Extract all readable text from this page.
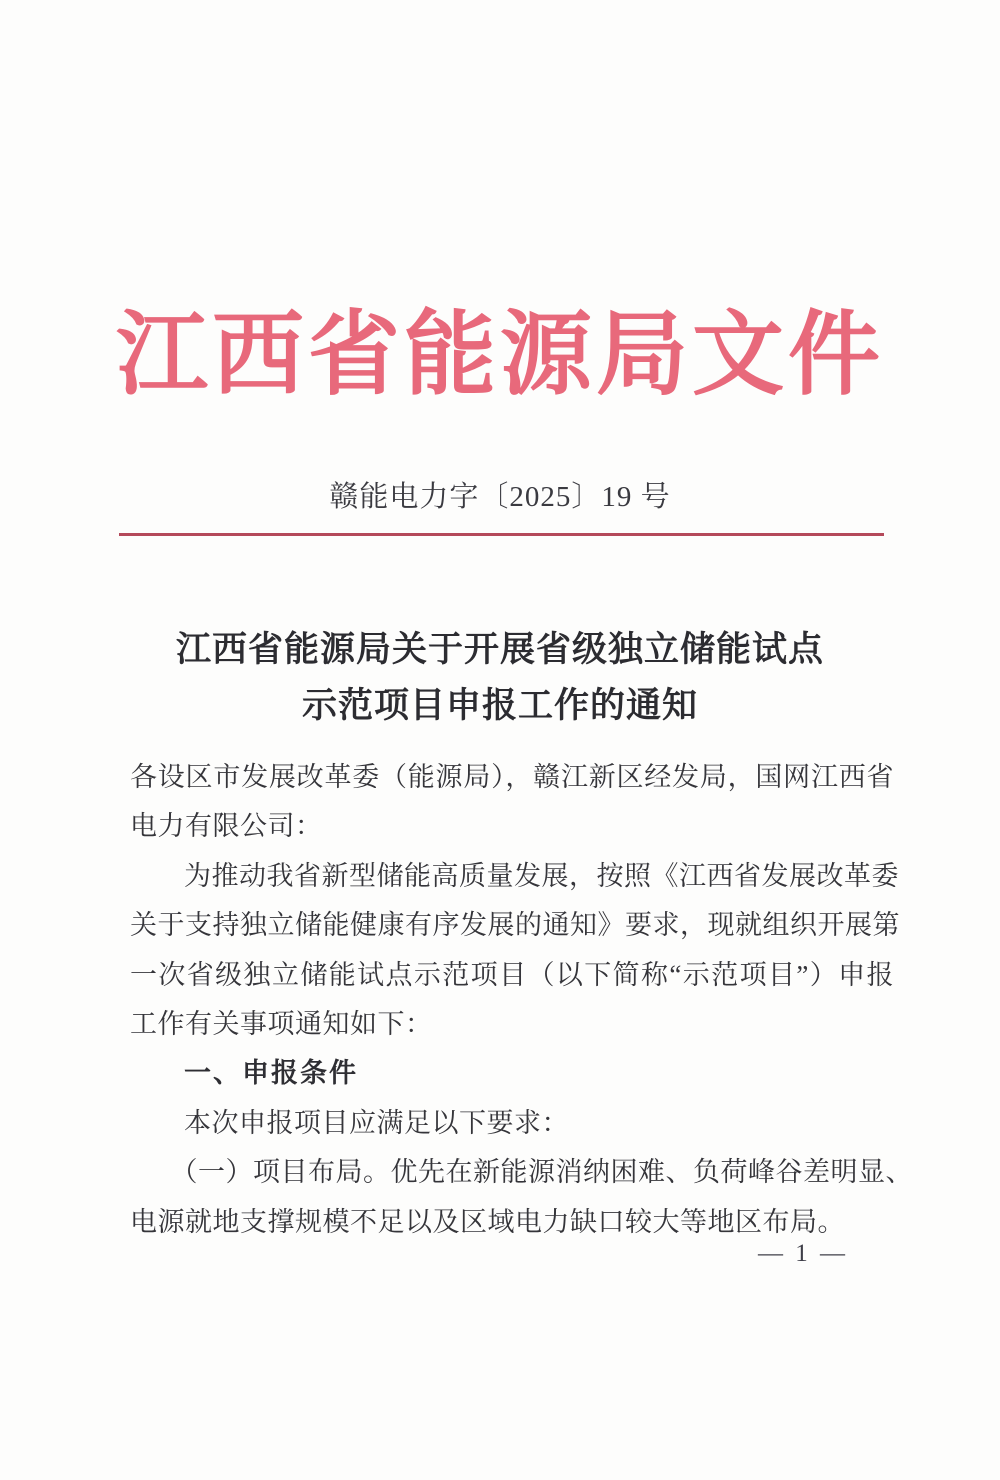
江西省能源局文件
赣能电力字〔2025〕19 号
江西省能源局关于开展省级独立储能试点
示范项目申报工作的通知
各设区市发展改革委（能源局），赣江新区经发局，国网江西省
电力有限公司：
为推动我省新型储能高质量发展，按照《江西省发展改革委
关于支持独立储能健康有序发展的通知》要求，现就组织开展第
一次省级独立储能试点示范项目（以下简称“示范项目”）申报
工作有关事项通知如下：
一、申报条件
本次申报项目应满足以下要求：
（一）项目布局。优先在新能源消纳困难、负荷峰谷差明显、
电源就地支撑规模不足以及区域电力缺口较大等地区布局。
— 1 —
